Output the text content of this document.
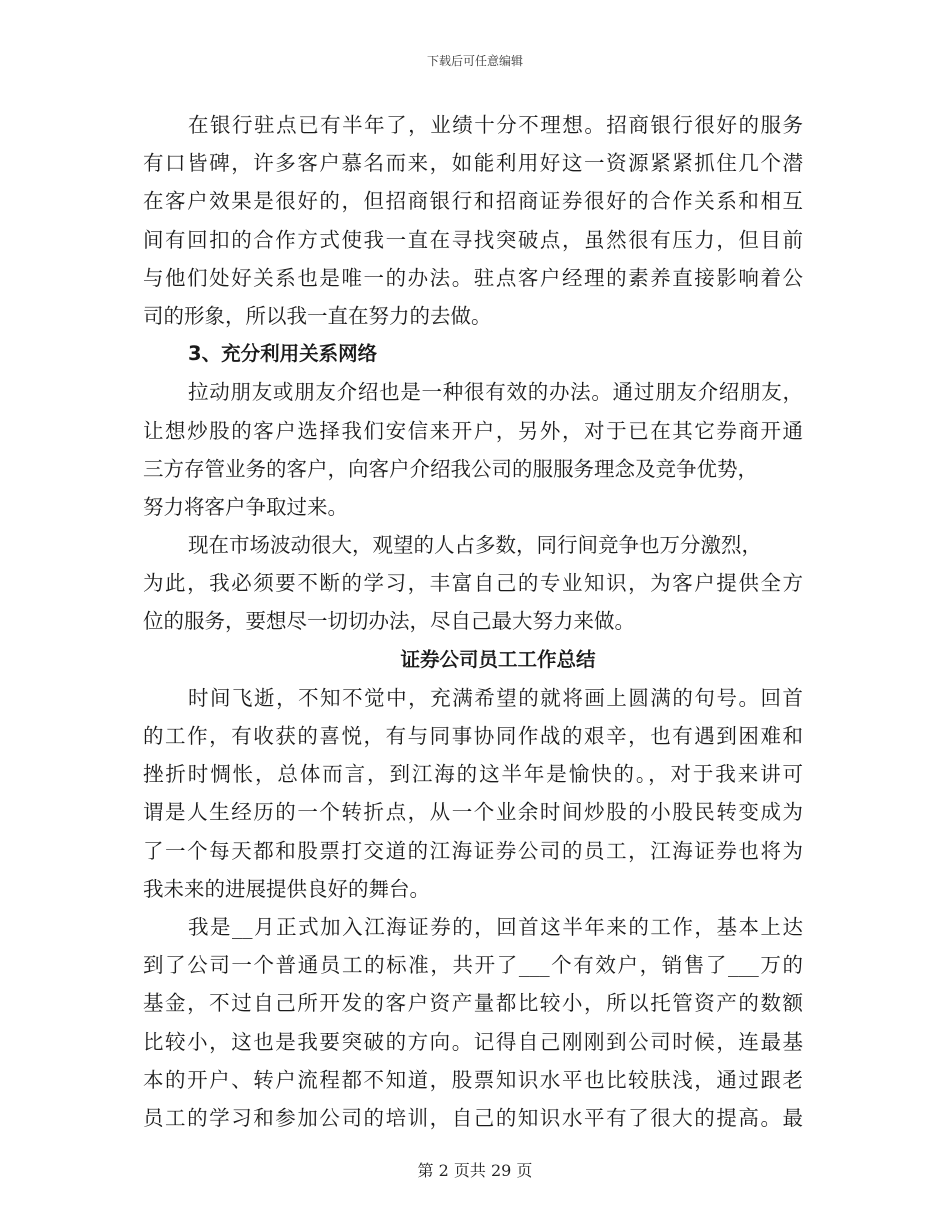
下载后可任意编辑
在银行驻点已有半年了，业绩十分不理想。招商银行很好的服务
有口皆碑，许多客户慕名而来，如能利用好这一资源紧紧抓住几个潜
在客户效果是很好的，但招商银行和招商证券很好的合作关系和相互
间有回扣的合作方式使我一直在寻找突破点，虽然很有压力，但目前
与他们处好关系也是唯一的办法。驻点客户经理的素养直接影响着公
司的形象，所以我一直在努力的去做。
3、充分利用关系网络
拉动朋友或朋友介绍也是一种很有效的办法。通过朋友介绍朋友，
让想炒股的客户选择我们安信来开户，另外，对于已在其它券商开通
三方存管业务的客户，向客户介绍我公司的服服务理念及竞争优势，
努力将客户争取过来。
现在市场波动很大，观望的人占多数，同行间竞争也万分激烈，
为此，我必须要不断的学习，丰富自己的专业知识，为客户提供全方
位的服务，要想尽一切切办法，尽自己最大努力来做。
证券公司员工工作总结
时间飞逝，不知不觉中，充满希望的就将画上圆满的句号。回首
的工作，有收获的喜悦，有与同事协同作战的艰辛，也有遇到困难和
挫折时惆怅，总体而言，到江海的这半年是愉快的。，对于我来讲可
谓是人生经历的一个转折点，从一个业余时间炒股的小股民转变成为
了一个每天都和股票打交道的江海证券公司的员工，江海证券也将为
我未来的进展提供良好的舞台。
我是__月正式加入江海证券的，回首这半年来的工作，基本上达
到了公司一个普通员工的标准，共开了___个有效户，销售了___万的
基金，不过自己所开发的客户资产量都比较小，所以托管资产的数额
比较小，这也是我要突破的方向。记得自己刚刚到公司时候，连最基
本的开户、转户流程都不知道，股票知识水平也比较肤浅，通过跟老
员工的学习和参加公司的培训，自己的知识水平有了很大的提高。最
第 2 页共 29 页
